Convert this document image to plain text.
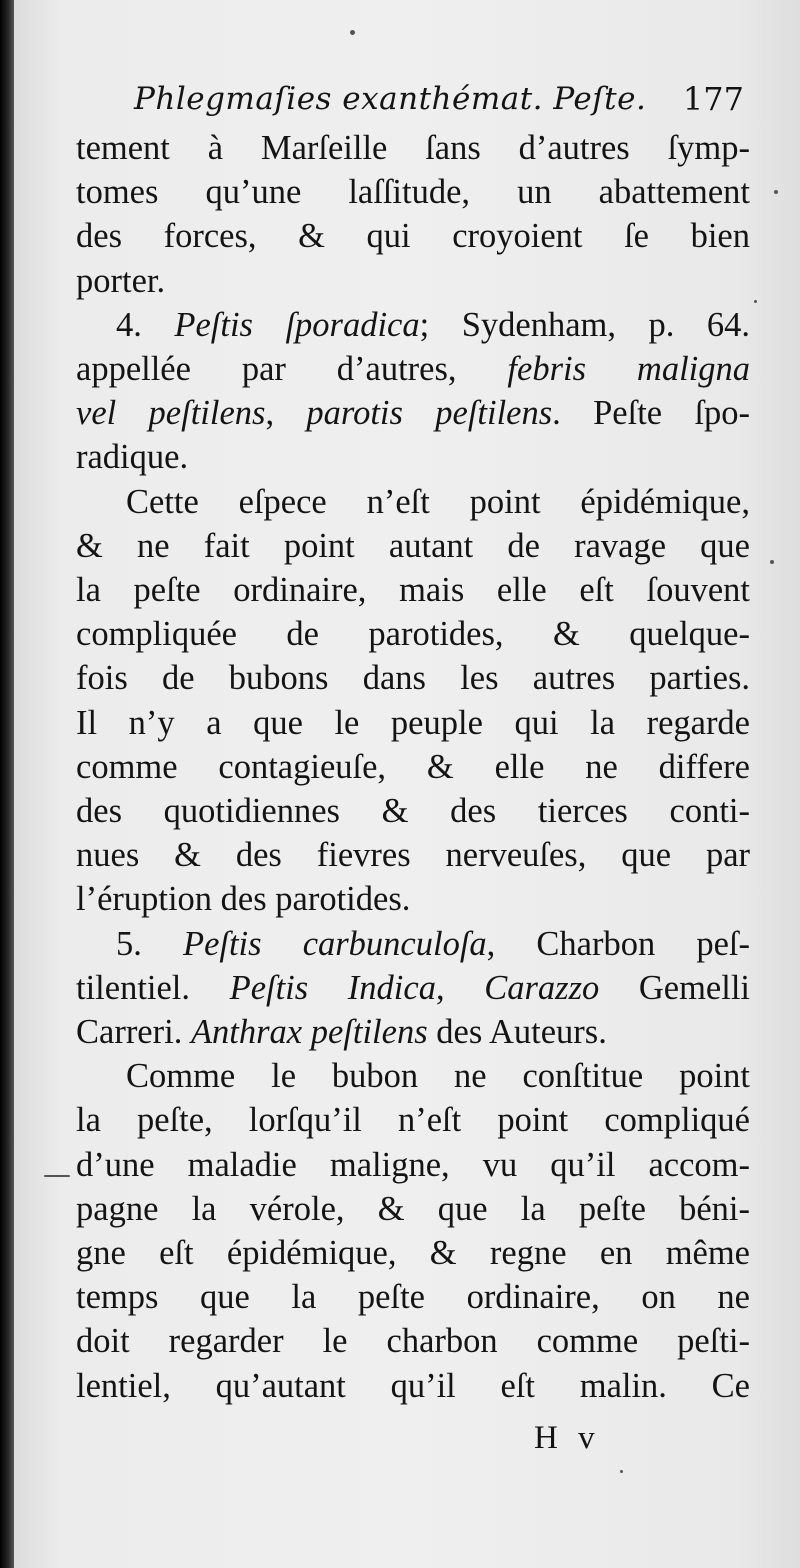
Phlegmaſies exanthémat. Peſte. 177
tement à Marſeille ſans d’autres ſymp-
tomes qu’une laſſitude, un abattement
des forces, & qui croyoient ſe bien
porter.
4. Peſtis ſporadica; Sydenham, p. 64.
appellée par d’autres, febris maligna
vel peſtilens, parotis peſtilens. Peſte ſpo-
radique.
Cette eſpece n’eſt point épidémique,
& ne fait point autant de ravage que
la peſte ordinaire, mais elle eſt ſouvent
compliquée de parotides, & quelque-
fois de bubons dans les autres parties.
Il n’y a que le peuple qui la regarde
comme contagieuſe, & elle ne differe
des quotidiennes & des tierces conti-
nues & des fievres nerveuſes, que par
l’éruption des parotides.
5. Peſtis carbunculoſa, Charbon peſ-
tilentiel. Peſtis Indica, Carazzo Gemelli
Carreri. Anthrax peſtilens des Auteurs.
Comme le bubon ne conſtitue point
la peſte, lorſqu’il n’eſt point compliqué
d’une maladie maligne, vu qu’il accom-
pagne la vérole, & que la peſte béni-
gne eſt épidémique, & regne en même
temps que la peſte ordinaire, on ne
doit regarder le charbon comme peſti-
lentiel, qu’autant qu’il eſt malin. Ce
H v
